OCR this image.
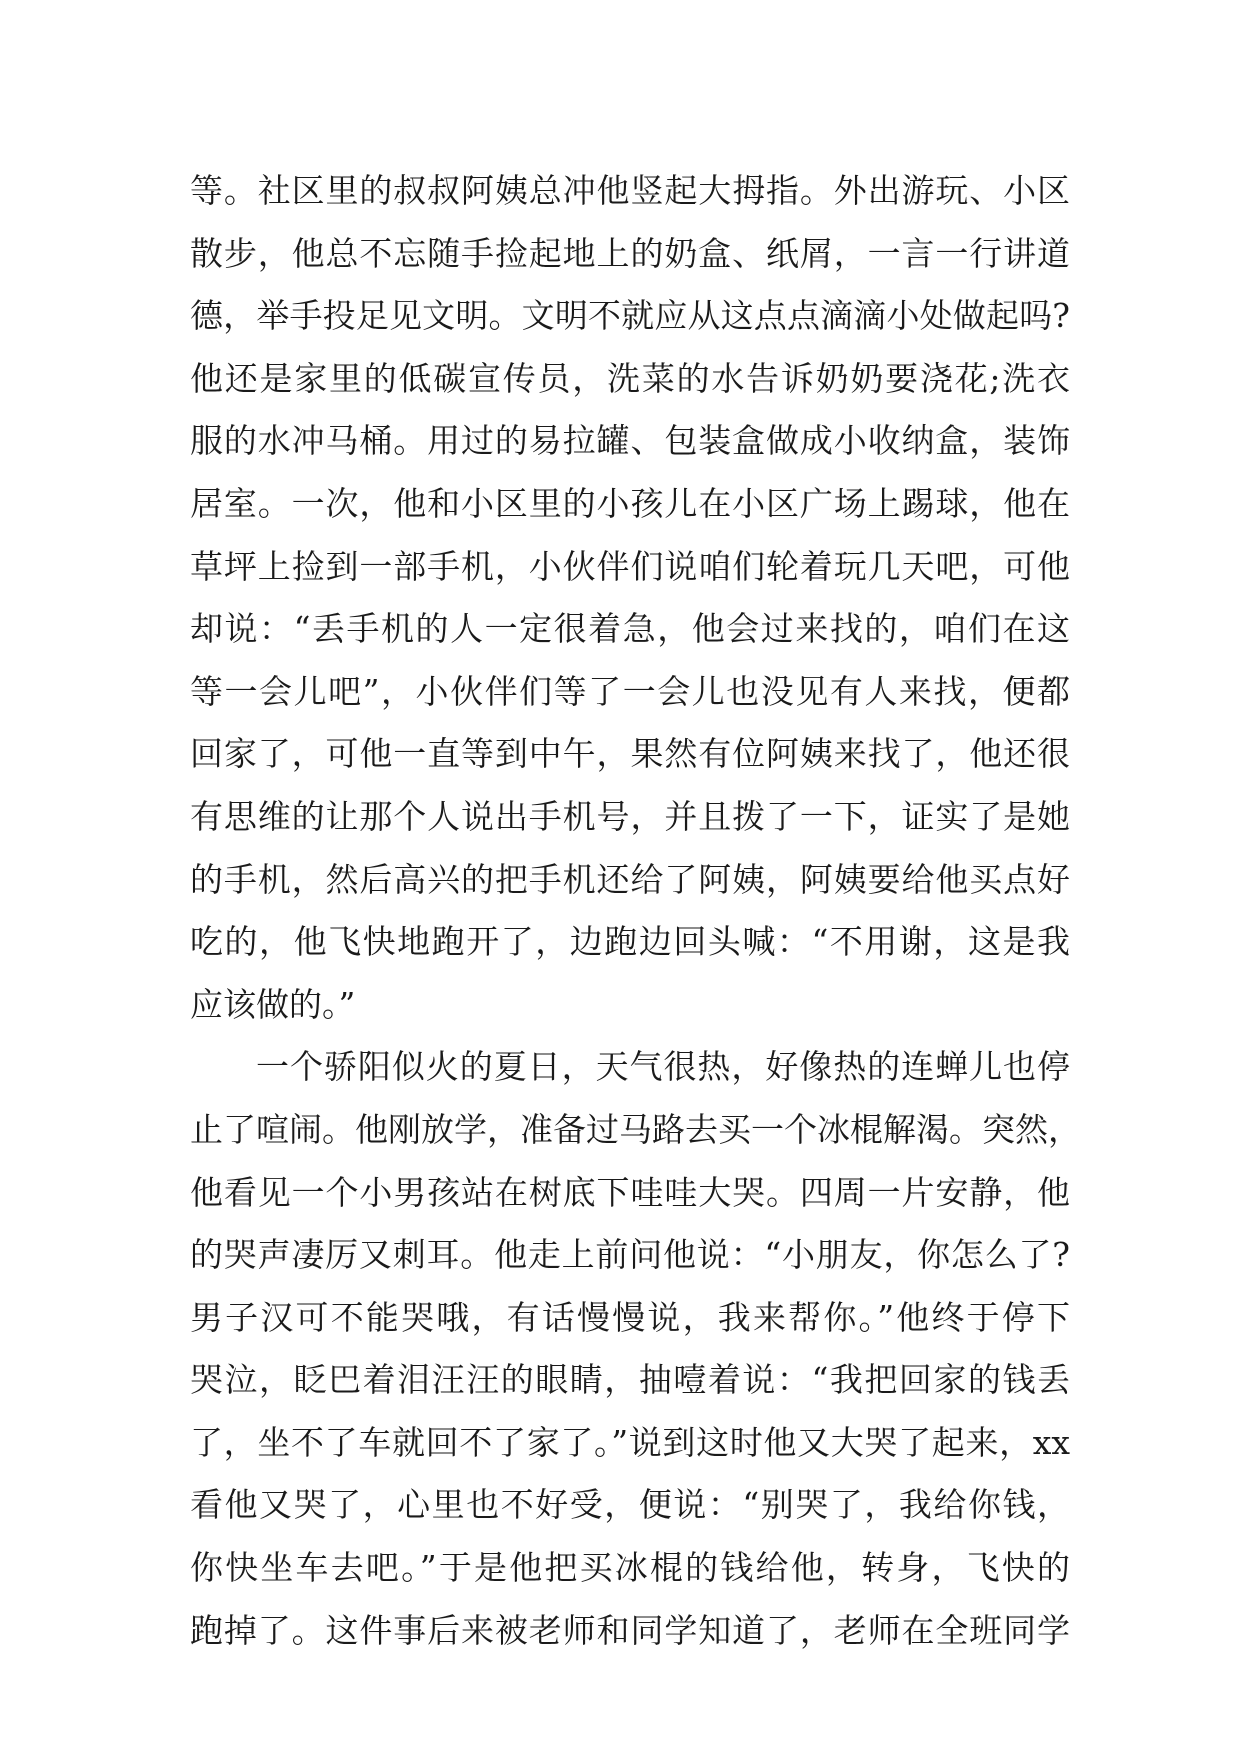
等。社区里的叔叔阿姨总冲他竖起大拇指。外出游玩、小区
散步，他总不忘随手捡起地上的奶盒、纸屑，一言一行讲道
德，举手投足见文明。文明不就应从这点点滴滴小处做起吗?
他还是家里的低碳宣传员，洗菜的水告诉奶奶要浇花;洗衣
服的水冲马桶。用过的易拉罐、包装盒做成小收纳盒，装饰
居室。一次，他和小区里的小孩儿在小区广场上踢球，他在
草坪上捡到一部手机，小伙伴们说咱们轮着玩几天吧，可他
却说：“丢手机的人一定很着急，他会过来找的，咱们在这
等一会儿吧”，小伙伴们等了一会儿也没见有人来找，便都
回家了，可他一直等到中午，果然有位阿姨来找了，他还很
有思维的让那个人说出手机号，并且拨了一下，证实了是她
的手机，然后高兴的把手机还给了阿姨，阿姨要给他买点好
吃的，他飞快地跑开了，边跑边回头喊：“不用谢，这是我
应该做的。”
一个骄阳似火的夏日，天气很热，好像热的连蝉儿也停
止了喧闹。他刚放学，准备过马路去买一个冰棍解渴。突然，
他看见一个小男孩站在树底下哇哇大哭。四周一片安静，他
的哭声凄厉又刺耳。他走上前问他说：“小朋友，你怎么了?
男子汉可不能哭哦，有话慢慢说，我来帮你。”他终于停下
哭泣，眨巴着泪汪汪的眼睛，抽噎着说：“我把回家的钱丢
了，坐不了车就回不了家了。”说到这时他又大哭了起来，xx
看他又哭了，心里也不好受，便说：“别哭了，我给你钱，
你快坐车去吧。”于是他把买冰棍的钱给他，转身，飞快的
跑掉了。这件事后来被老师和同学知道了，老师在全班同学
